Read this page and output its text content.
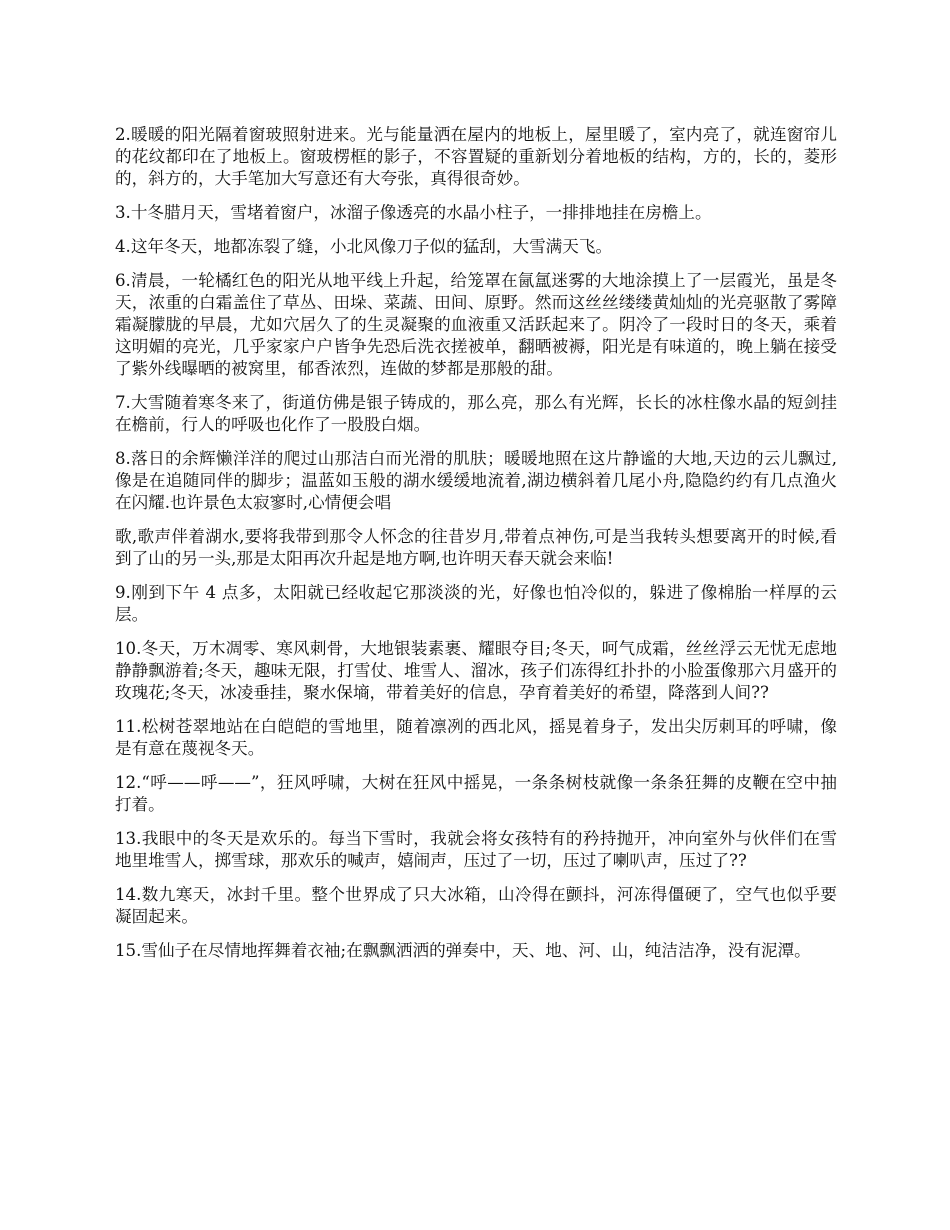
2.暖暖的阳光隔着窗玻照射进来。光与能量洒在屋内的地板上，屋里暖了，室内亮了，就连窗帘儿的花纹都印在了地板上。窗玻楞框的影子，不容置疑的重新划分着地板的结构，方的，长的，菱形的，斜方的，大手笔加大写意还有大夸张，真得很奇妙。

3.十冬腊月天，雪堵着窗户，冰溜子像透亮的水晶小柱子，一排排地挂在房檐上。

4.这年冬天，地都冻裂了缝，小北风像刀子似的猛刮，大雪满天飞。

6.清晨，一轮橘红色的阳光从地平线上升起，给笼罩在氤氲迷雾的大地涂摸上了一层霞光，虽是冬天，浓重的白霜盖住了草丛、田垛、菜蔬、田间、原野。然而这丝丝缕缕黄灿灿的光亮驱散了雾障霜凝朦胧的早晨，尤如穴居久了的生灵凝聚的血液重又活跃起来了。阴冷了一段时日的冬天，乘着这明媚的亮光，几乎家家户户皆争先恐后洗衣搓被单，翻晒被褥，阳光是有味道的，晚上躺在接受了紫外线曝晒的被窝里，郁香浓烈，连做的梦都是那般的甜。

7.大雪随着寒冬来了，街道仿佛是银子铸成的，那么亮，那么有光辉，长长的冰柱像水晶的短剑挂在檐前，行人的呼吸也化作了一股股白烟。

8.落日的余辉懒洋洋的爬过山那洁白而光滑的肌肤；暖暖地照在这片静谧的大地,天边的云儿飘过,像是在追随同伴的脚步；温蓝如玉般的湖水缓缓地流着,湖边横斜着几尾小舟,隐隐约约有几点渔火在闪耀.也许景色太寂寥时,心情便会唱

歌,歌声伴着湖水,要将我带到那令人怀念的往昔岁月,带着点神伤,可是当我转头想要离开的时候,看到了山的另一头,那是太阳再次升起是地方啊,也许明天春天就会来临!

9.刚到下午 4 点多，太阳就已经收起它那淡淡的光，好像也怕冷似的，躲进了像棉胎一样厚的云层。

10.冬天，万木凋零、寒风刺骨，大地银装素裹、耀眼夺目;冬天，呵气成霜，丝丝浮云无忧无虑地静静飘游着;冬天，趣味无限，打雪仗、堆雪人、溜冰，孩子们冻得红扑扑的小脸蛋像那六月盛开的玫瑰花;冬天，冰凌垂挂，聚水保墒，带着美好的信息，孕育着美好的希望，降落到人间??

11.松树苍翠地站在白皑皑的雪地里，随着凛冽的西北风，摇晃着身子，发出尖厉刺耳的呼啸，像是有意在蔑视冬天。

12.“呼——呼——”，狂风呼啸，大树在狂风中摇晃，一条条树枝就像一条条狂舞的皮鞭在空中抽打着。

13.我眼中的冬天是欢乐的。每当下雪时，我就会将女孩特有的矜持抛开，冲向室外与伙伴们在雪地里堆雪人，掷雪球，那欢乐的喊声，嬉闹声，压过了一切，压过了喇叭声，压过了??

14.数九寒天，冰封千里。整个世界成了只大冰箱，山冷得在颤抖，河冻得僵硬了，空气也似乎要凝固起来。

15.雪仙子在尽情地挥舞着衣袖;在飘飘洒洒的弹奏中，天、地、河、山，纯洁洁净，没有泥潭。
